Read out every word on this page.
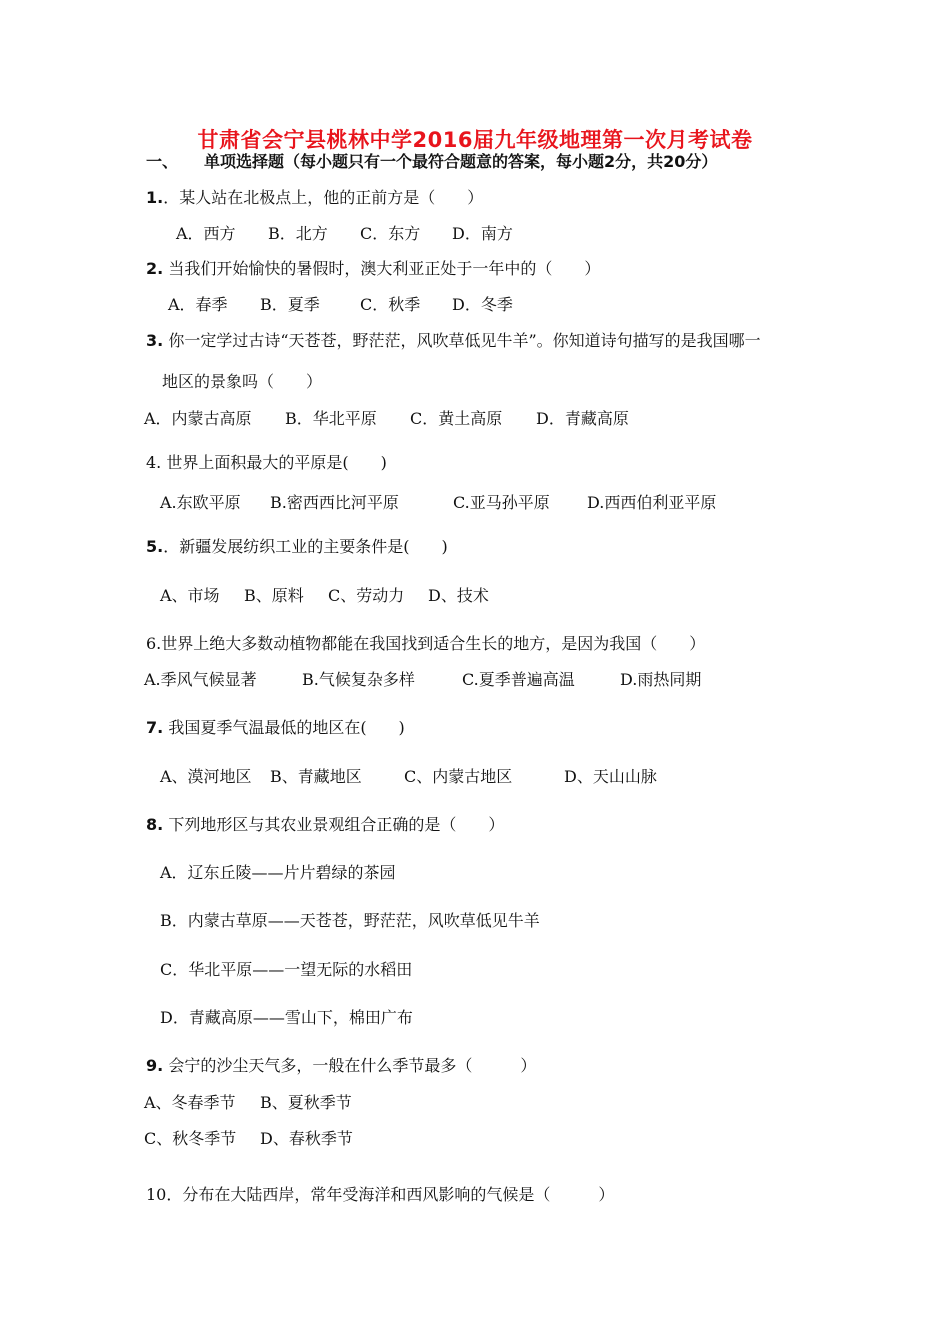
甘肃省会宁县桃林中学2016届九年级地理第一次月考试卷
一、 单项选择题（每小题只有一个最符合题意的答案，每小题2分，共20分）
1.．某人站在北极点上，他的正前方是（　　）
A．西方 B．北方 C．东方 D．南方
2. 当我们开始愉快的暑假时，澳大利亚正处于一年中的（　　）
A．春季 B．夏季	C．秋季 D．冬季
3. 你一定学过古诗“天苍苍，野茫茫，风吹草低见牛羊”。你知道诗句描写的是我国哪一
地区的景象吗（　　）
A．内蒙古高原 B．华北平原 C．黄土高原 D．青藏高原
4. 世界上面积最大的平原是(　　)
A.东欧平原 B.密西西比河平原	C.亚马孙平原 D.西西伯利亚平原
5.．新疆发展纺织工业的主要条件是(　　)
A、市场 B、原料 C、劳动力 D、技术
6.世界上绝大多数动植物都能在我国找到适合生长的地方，是因为我国（　　）
A.季风气候显著	B.气候复杂多样	C.夏季普遍高温	D.雨热同期
7. 我国夏季气温最低的地区在(　　)
A、漠河地区 B、青藏地区	C、内蒙古地区	D、天山山脉
8. 下列地形区与其农业景观组合正确的是（　　）
A．辽东丘陵——片片碧绿的茶园
B．内蒙古草原——天苍苍，野茫茫，风吹草低见牛羊
C．华北平原——一望无际的水稻田
D．青藏高原——雪山下，棉田广布
9. 会宁的沙尘天气多，一般在什么季节最多（　　　）
A、冬春季节 B、夏秋季节
C、秋冬季节 D、春秋季节
10．分布在大陆西岸，常年受海洋和西风影响的气候是（　　　）
